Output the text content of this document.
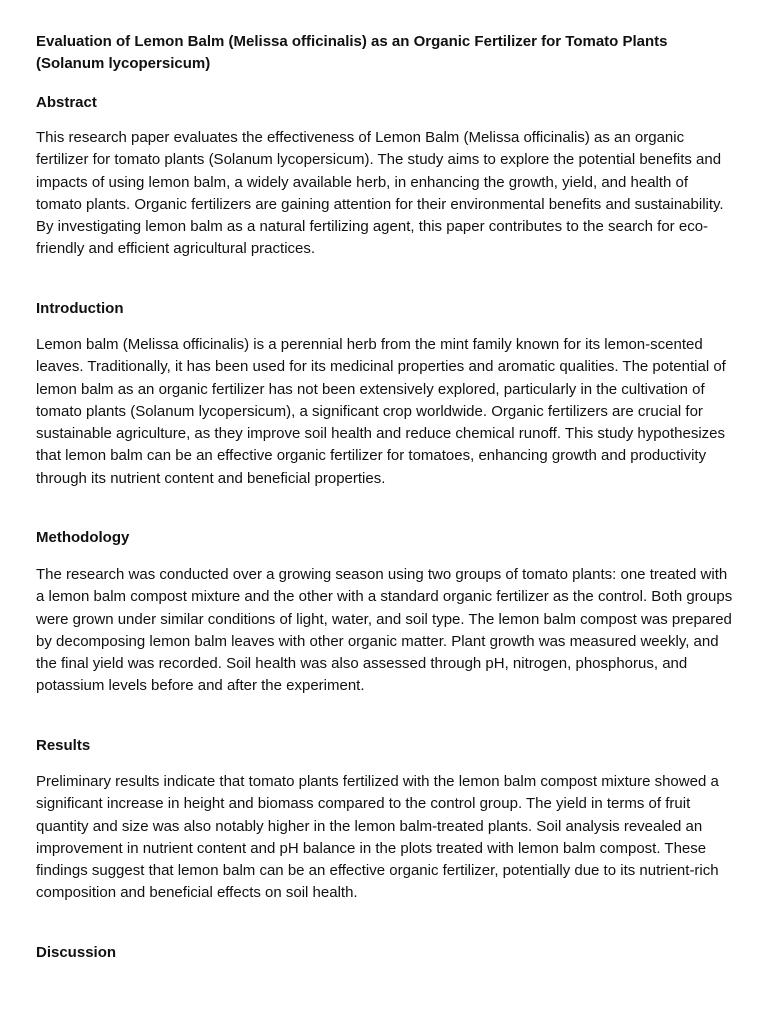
Evaluation of Lemon Balm (Melissa officinalis) as an Organic Fertilizer for Tomato Plants (Solanum lycopersicum)
Abstract

This research paper evaluates the effectiveness of Lemon Balm (Melissa officinalis) as an organic fertilizer for tomato plants (Solanum lycopersicum). The study aims to explore the potential benefits and impacts of using lemon balm, a widely available herb, in enhancing the growth, yield, and health of tomato plants. Organic fertilizers are gaining attention for their environmental benefits and sustainability. By investigating lemon balm as a natural fertilizing agent, this paper contributes to the search for eco-friendly and efficient agricultural practices.

Introduction

Lemon balm (Melissa officinalis) is a perennial herb from the mint family known for its lemon-scented leaves. Traditionally, it has been used for its medicinal properties and aromatic qualities. The potential of lemon balm as an organic fertilizer has not been extensively explored, particularly in the cultivation of tomato plants (Solanum lycopersicum), a significant crop worldwide. Organic fertilizers are crucial for sustainable agriculture, as they improve soil health and reduce chemical runoff. This study hypothesizes that lemon balm can be an effective organic fertilizer for tomatoes, enhancing growth and productivity through its nutrient content and beneficial properties.

Methodology

The research was conducted over a growing season using two groups of tomato plants: one treated with a lemon balm compost mixture and the other with a standard organic fertilizer as the control. Both groups were grown under similar conditions of light, water, and soil type. The lemon balm compost was prepared by decomposing lemon balm leaves with other organic matter. Plant growth was measured weekly, and the final yield was recorded. Soil health was also assessed through pH, nitrogen, phosphorus, and potassium levels before and after the experiment.

Results

Preliminary results indicate that tomato plants fertilized with the lemon balm compost mixture showed a significant increase in height and biomass compared to the control group. The yield in terms of fruit quantity and size was also notably higher in the lemon balm-treated plants. Soil analysis revealed an improvement in nutrient content and pH balance in the plots treated with lemon balm compost. These findings suggest that lemon balm can be an effective organic fertilizer, potentially due to its nutrient-rich composition and beneficial effects on soil health.

Discussion
